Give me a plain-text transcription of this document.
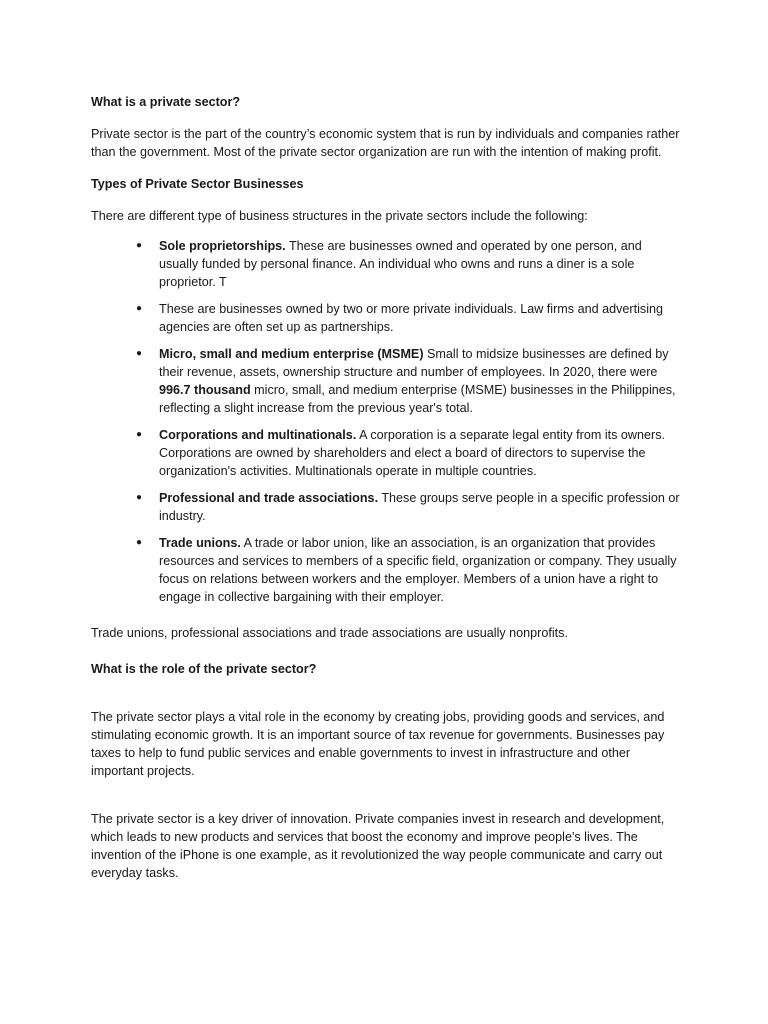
What is a private sector?

Private sector is the part of the country’s economic system that is run by individuals and companies rather than the government. Most of the private sector organization are run with the intention of making profit.

Types of Private Sector Businesses

There are different type of business structures in the private sectors include the following:

● Sole proprietorships. These are businesses owned and operated by one person, and usually funded by personal finance. An individual who owns and runs a diner is a sole proprietor. T
● These are businesses owned by two or more private individuals. Law firms and advertising agencies are often set up as partnerships.
● Micro, small and medium enterprise (MSME) Small to midsize businesses are defined by their revenue, assets, ownership structure and number of employees. In 2020, there were 996.7 thousand micro, small, and medium enterprise (MSME) businesses in the Philippines, reflecting a slight increase from the previous year's total.
● Corporations and multinationals. A corporation is a separate legal entity from its owners. Corporations are owned by shareholders and elect a board of directors to supervise the organization's activities. Multinationals operate in multiple countries.
● Professional and trade associations. These groups serve people in a specific profession or industry.
● Trade unions. A trade or labor union, like an association, is an organization that provides resources and services to members of a specific field, organization or company. They usually focus on relations between workers and the employer. Members of a union have a right to engage in collective bargaining with their employer.

Trade unions, professional associations and trade associations are usually nonprofits.

What is the role of the private sector?

The private sector plays a vital role in the economy by creating jobs, providing goods and services, and stimulating economic growth. It is an important source of tax revenue for governments. Businesses pay taxes to help to fund public services and enable governments to invest in infrastructure and other important projects.

The private sector is a key driver of innovation. Private companies invest in research and development, which leads to new products and services that boost the economy and improve people's lives. The invention of the iPhone is one example, as it revolutionized the way people communicate and carry out everyday tasks.
